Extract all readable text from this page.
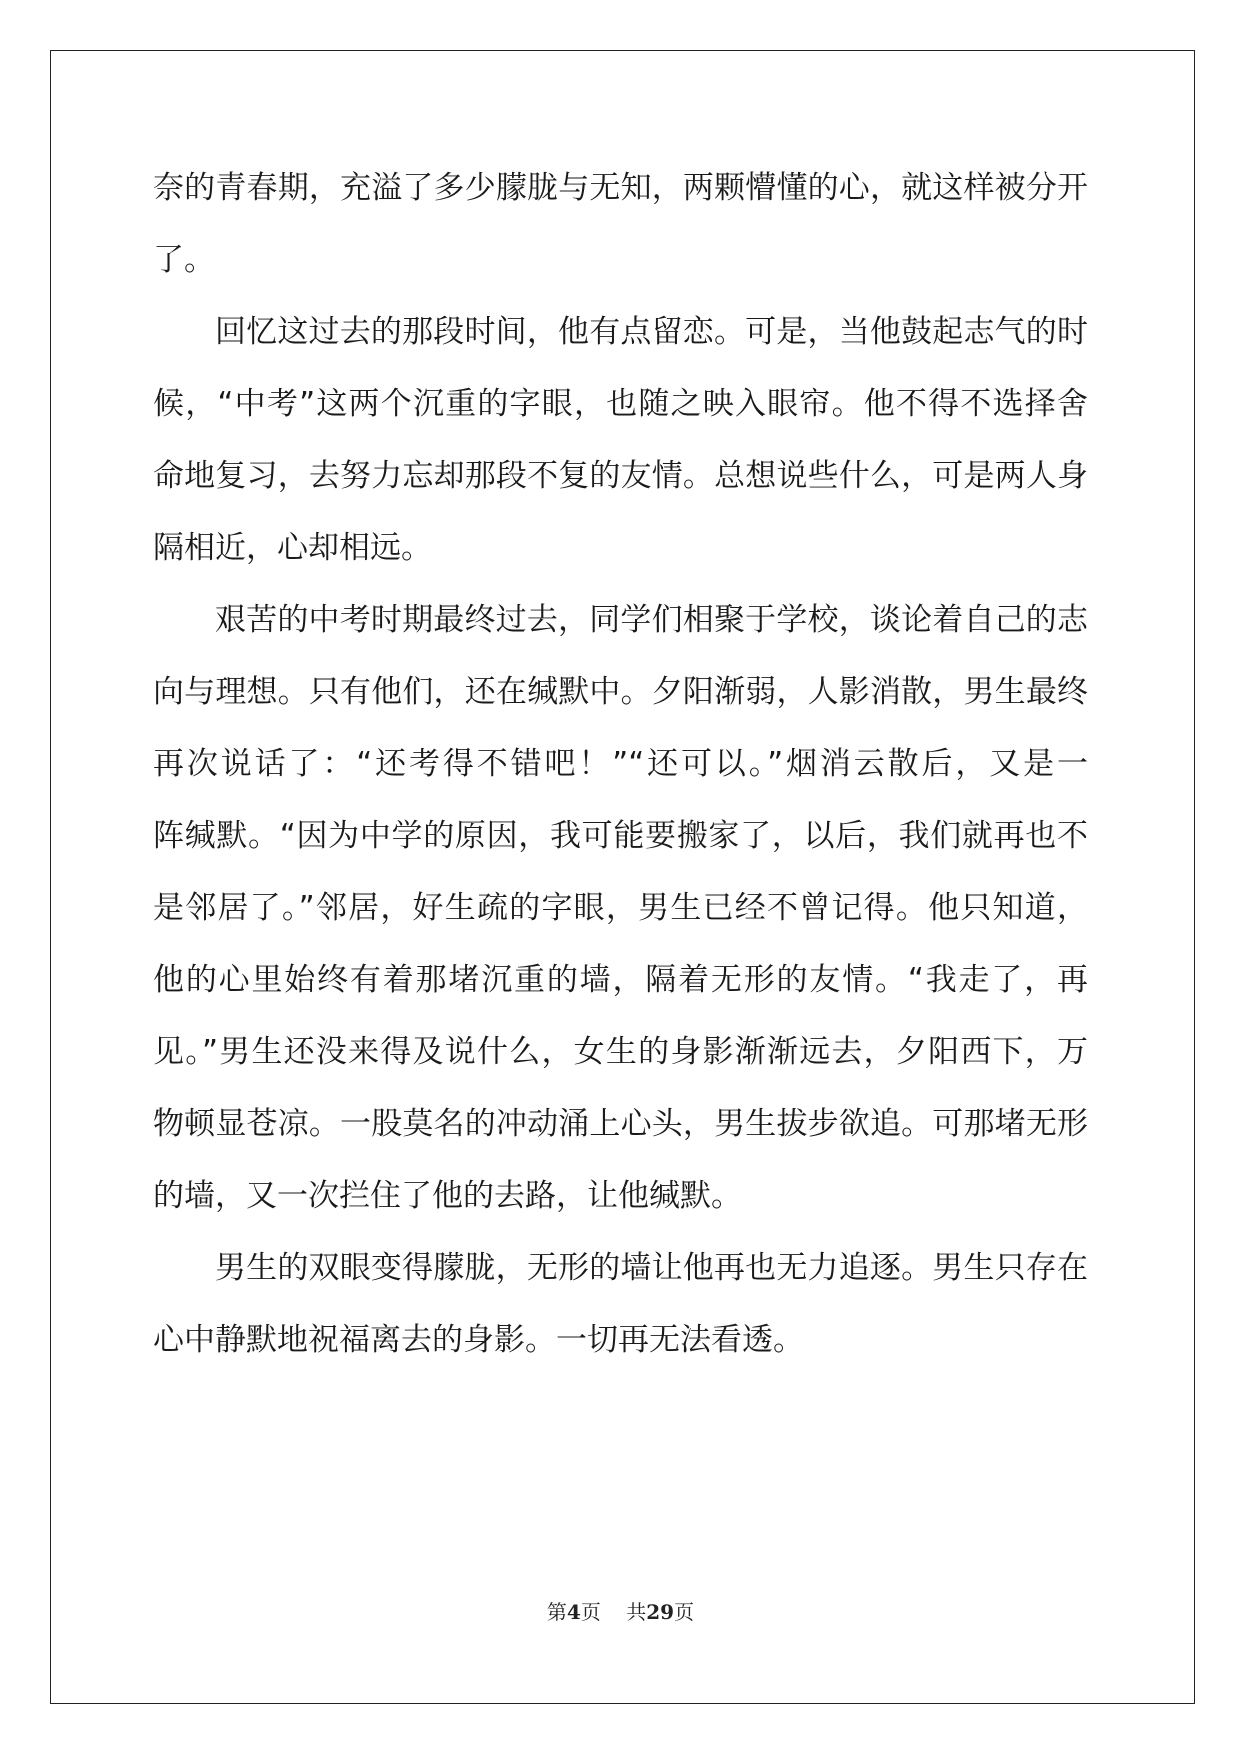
奈的青春期，充溢了多少朦胧与无知，两颗懵懂的心，就这样被分开
了。
回忆这过去的那段时间，他有点留恋。可是，当他鼓起志气的时
候，“中考”这两个沉重的字眼，也随之映入眼帘。他不得不选择舍
命地复习，去努力忘却那段不复的友情。总想说些什么，可是两人身
隔相近，心却相远。
艰苦的中考时期最终过去，同学们相聚于学校，谈论着自己的志
向与理想。只有他们，还在缄默中。夕阳渐弱，人影消散，男生最终
再次说话了：“还考得不错吧！”“还可以。”烟消云散后，又是一
阵缄默。“因为中学的原因，我可能要搬家了，以后，我们就再也不
是邻居了。”邻居，好生疏的字眼，男生已经不曾记得。他只知道，
他的心里始终有着那堵沉重的墙，隔着无形的友情。“我走了，再
见。”男生还没来得及说什么，女生的身影渐渐远去，夕阳西下，万
物顿显苍凉。一股莫名的冲动涌上心头，男生拔步欲追。可那堵无形
的墙，又一次拦住了他的去路，让他缄默。
男生的双眼变得朦胧，无形的墙让他再也无力追逐。男生只存在
心中静默地祝福离去的身影。一切再无法看透。
第4页 共29页
